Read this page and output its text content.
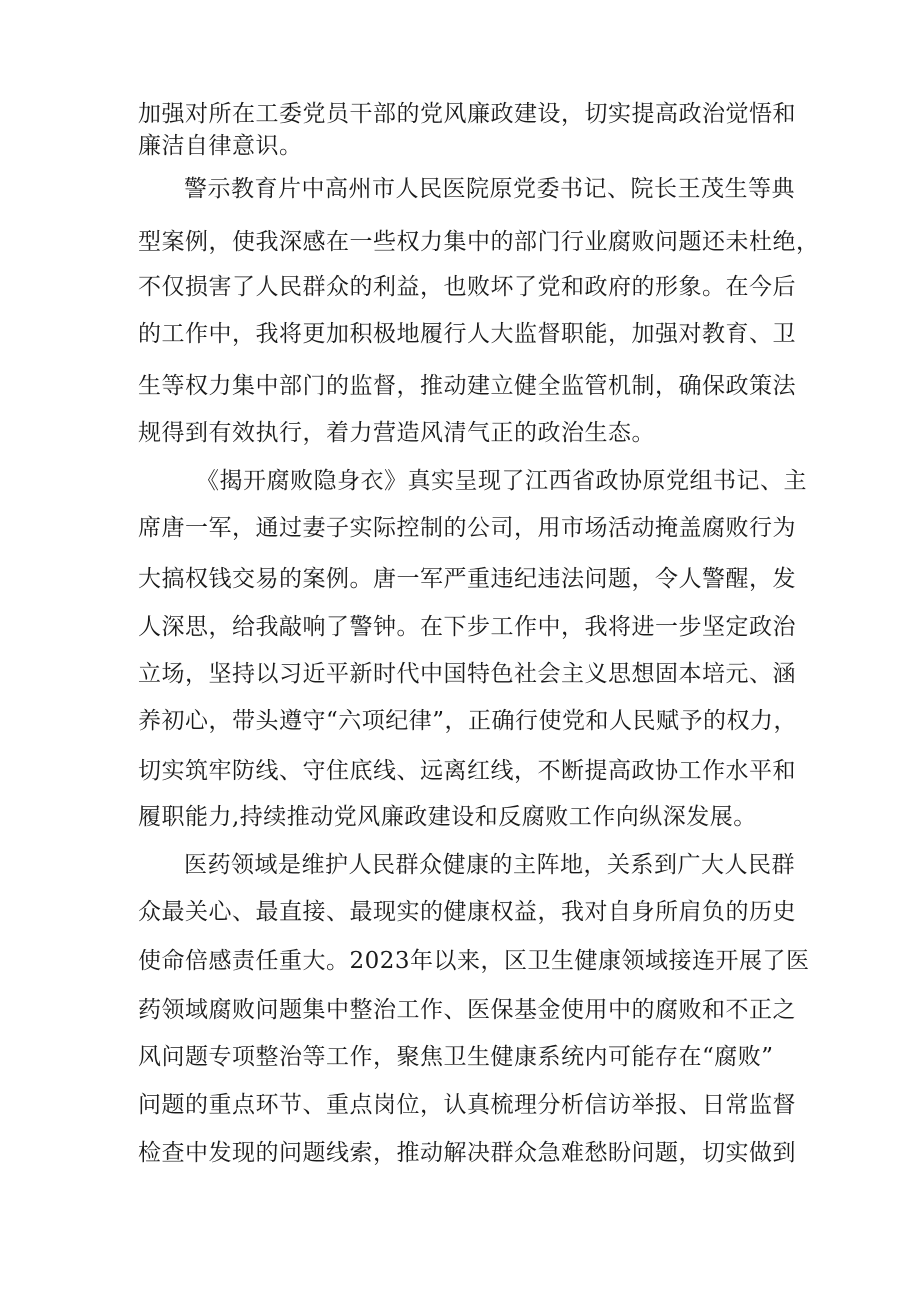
加强对所在工委党员干部的党风廉政建设，切实提高政治觉悟和
廉洁自律意识。
警示教育片中高州市人民医院原党委书记、院长王茂生等典
型案例，使我深感在一些权力集中的部门行业腐败问题还未杜绝，
不仅损害了人民群众的利益，也败坏了党和政府的形象。在今后
的工作中，我将更加积极地履行人大监督职能，加强对教育、卫
生等权力集中部门的监督，推动建立健全监管机制，确保政策法
规得到有效执行，着力营造风清气正的政治生态。
《揭开腐败隐身衣》真实呈现了江西省政协原党组书记、主
席唐一军，通过妻子实际控制的公司，用市场活动掩盖腐败行为
大搞权钱交易的案例。唐一军严重违纪违法问题，令人警醒，发
人深思，给我敲响了警钟。在下步工作中，我将进一步坚定政治
立场，坚持以习近平新时代中国特色社会主义思想固本培元、涵
养初心，带头遵守“六项纪律”，正确行使党和人民赋予的权力，
切实筑牢防线、守住底线、远离红线，不断提高政协工作水平和
履职能力,持续推动党风廉政建设和反腐败工作向纵深发展。
医药领域是维护人民群众健康的主阵地，关系到广大人民群
众最关心、最直接、最现实的健康权益，我对自身所肩负的历史
使命倍感责任重大。2023年以来，区卫生健康领域接连开展了医
药领域腐败问题集中整治工作、医保基金使用中的腐败和不正之
风问题专项整治等工作，聚焦卫生健康系统内可能存在“腐败”
问题的重点环节、重点岗位，认真梳理分析信访举报、日常监督
检查中发现的问题线索，推动解决群众急难愁盼问题，切实做到
